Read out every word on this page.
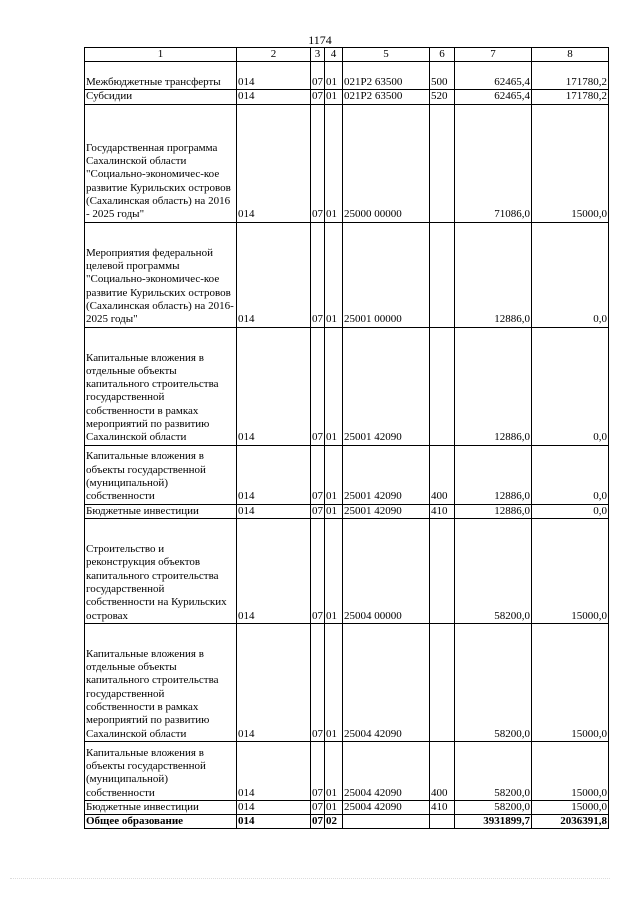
1174
1	2	3	4	5	6	7	8
Межбюджетные трансферты	014	07	01	021Р2 63500	500	62465,4	171780,2
Субсидии	014	07	01	021Р2 63500	520	62465,4	171780,2
Государственная программа Сахалинской области "Социально-экономичес-кое развитие Курильских островов (Сахалинская область) на 2016 - 2025 годы"	014	07	01	25000 00000		71086,0	15000,0
Мероприятия федеральной целевой программы "Социально-экономичес-кое развитие Курильских островов (Сахалинская область) на 2016-2025 годы"	014	07	01	25001 00000		12886,0	0,0
Капитальные вложения в отдельные объекты капитального строительства государственной собственности в рамках мероприятий по развитию Сахалинской области	014	07	01	25001 42090		12886,0	0,0
Капитальные вложения в объекты государственной (муниципальной) собственности	014	07	01	25001 42090	400	12886,0	0,0
Бюджетные инвестиции	014	07	01	25001 42090	410	12886,0	0,0
Строительство и реконструкция объектов капитального строительства государственной собственности на Курильских островах	014	07	01	25004 00000		58200,0	15000,0
Капитальные вложения в отдельные объекты капитального строительства государственной собственности в рамках мероприятий по развитию Сахалинской области	014	07	01	25004 42090		58200,0	15000,0
Капитальные вложения в объекты государственной (муниципальной) собственности	014	07	01	25004 42090	400	58200,0	15000,0
Бюджетные инвестиции	014	07	01	25004 42090	410	58200,0	15000,0
Общее образование	014	07	02			3931899,7	2036391,8
